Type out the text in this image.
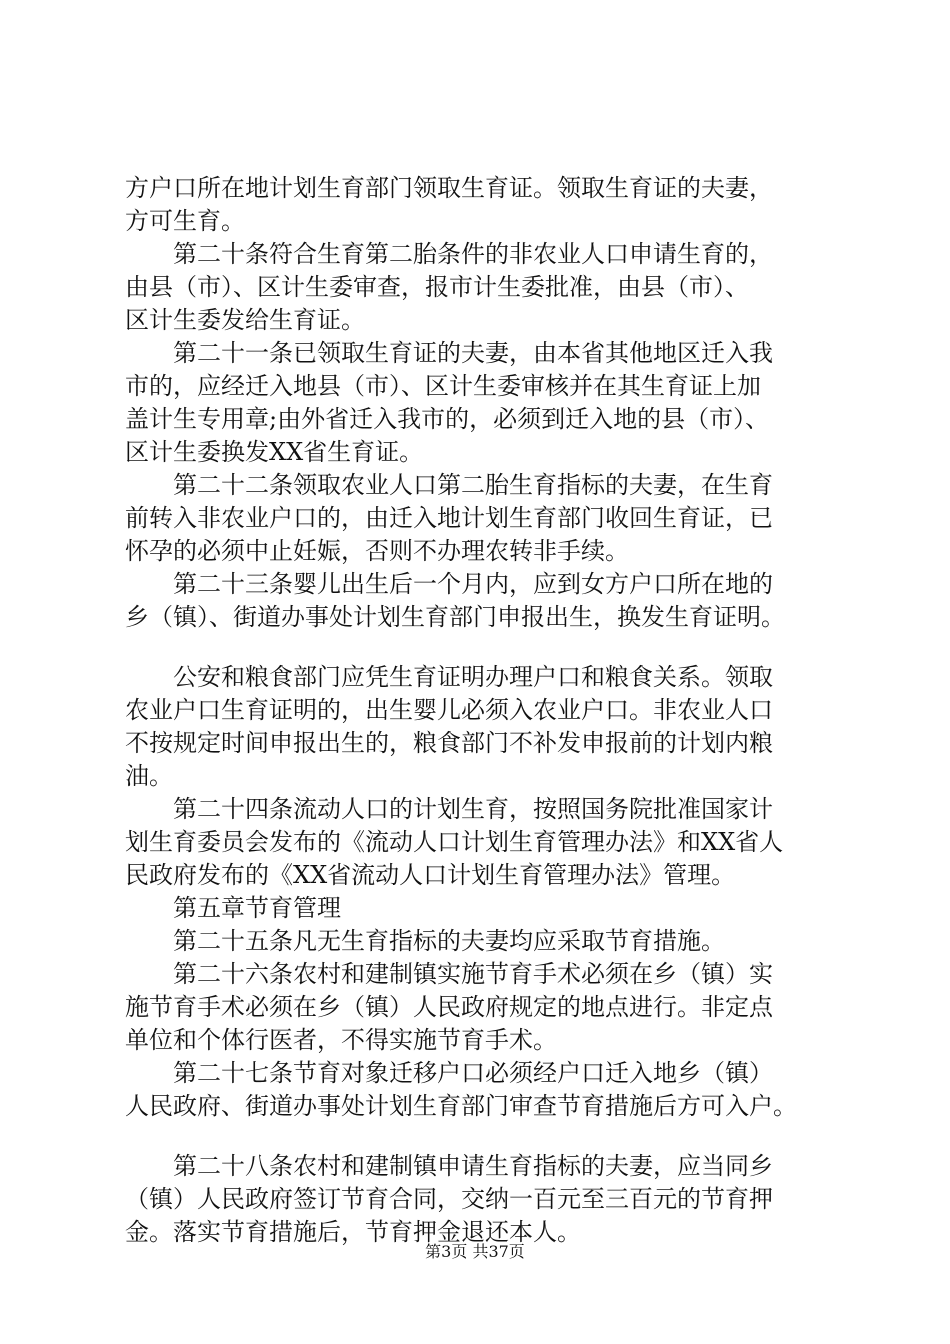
方户口所在地计划生育部门领取生育证。领取生育证的夫妻，
方可生育。
　　第二十条符合生育第二胎条件的非农业人口申请生育的，
由县（市）、区计生委审查，报市计生委批准，由县（市）、
区计生委发给生育证。
　　第二十一条已领取生育证的夫妻，由本省其他地区迁入我
市的，应经迁入地县（市）、区计生委审核并在其生育证上加
盖计生专用章;由外省迁入我市的，必须到迁入地的县（市）、
区计生委换发XX省生育证。
　　第二十二条领取农业人口第二胎生育指标的夫妻，在生育
前转入非农业户口的，由迁入地计划生育部门收回生育证，已
怀孕的必须中止妊娠，否则不办理农转非手续。
　　第二十三条婴儿出生后一个月内，应到女方户口所在地的
乡（镇）、街道办事处计划生育部门申报出生，换发生育证明。
　　公安和粮食部门应凭生育证明办理户口和粮食关系。领取
农业户口生育证明的，出生婴儿必须入农业户口。非农业人口
不按规定时间申报出生的，粮食部门不补发申报前的计划内粮
油。
　　第二十四条流动人口的计划生育，按照国务院批准国家计
划生育委员会发布的《流动人口计划生育管理办法》和XX省人
民政府发布的《XX省流动人口计划生育管理办法》管理。
　　第五章节育管理
　　第二十五条凡无生育指标的夫妻均应采取节育措施。
　　第二十六条农村和建制镇实施节育手术必须在乡（镇）实
施节育手术必须在乡（镇）人民政府规定的地点进行。非定点
单位和个体行医者，不得实施节育手术。
　　第二十七条节育对象迁移户口必须经户口迁入地乡（镇）
人民政府、街道办事处计划生育部门审查节育措施后方可入户。
　　第二十八条农村和建制镇申请生育指标的夫妻，应当同乡
（镇）人民政府签订节育合同，交纳一百元至三百元的节育押
金。落实节育措施后，节育押金退还本人。
第3页 共37页
